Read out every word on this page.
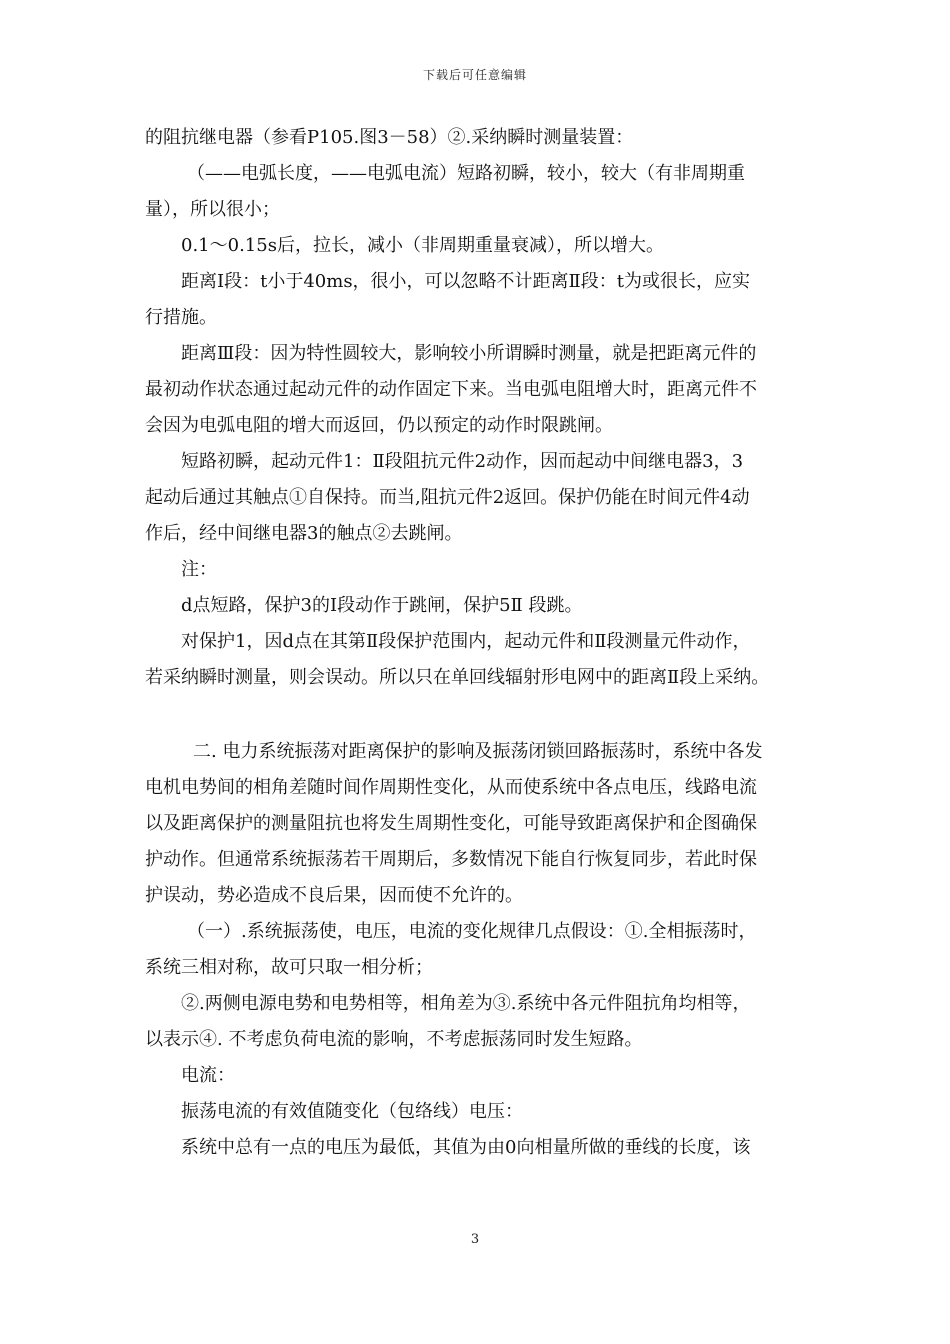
下载后可任意编辑
的阻抗继电器（参看P105.图3－58）②.采纳瞬时测量装置：
（——电弧长度，——电弧电流）短路初瞬，较小，较大（有非周期重
量），所以很小；
0.1～0.15s后，拉长，减小（非周期重量衰减），所以增大。
距离Ⅰ段：t小于40ms，很小，可以忽略不计距离Ⅱ段：t为或很长，应实
行措施。
距离Ⅲ段：因为特性圆较大，影响较小所谓瞬时测量，就是把距离元件的
最初动作状态通过起动元件的动作固定下来。当电弧电阻增大时，距离元件不
会因为电弧电阻的增大而返回，仍以预定的动作时限跳闸。
短路初瞬，起动元件1：Ⅱ段阻抗元件2动作，因而起动中间继电器3，3
起动后通过其触点①自保持。而当,阻抗元件2返回。保护仍能在时间元件4动
作后，经中间继电器3的触点②去跳闸。
注：
d点短路，保护3的Ⅰ段动作于跳闸，保护5Ⅱ 段跳。
对保护1，因d点在其第Ⅱ段保护范围内，起动元件和Ⅱ段测量元件动作，
若采纳瞬时测量，则会误动。所以只在单回线辐射形电网中的距离Ⅱ段上采纳。
二. 电力系统振荡对距离保护的影响及振荡闭锁回路振荡时，系统中各发
电机电势间的相角差随时间作周期性变化，从而使系统中各点电压，线路电流
以及距离保护的测量阻抗也将发生周期性变化，可能导致距离保护和企图确保
护动作。但通常系统振荡若干周期后，多数情况下能自行恢复同步，若此时保
护误动，势必造成不良后果，因而使不允许的。
（一）.系统振荡使，电压，电流的变化规律几点假设：①.全相振荡时，
系统三相对称，故可只取一相分析；
②.两侧电源电势和电势相等，相角差为③.系统中各元件阻抗角均相等，
以表示④. 不考虑负荷电流的影响，不考虑振荡同时发生短路。
电流：
振荡电流的有效值随变化（包络线）电压：
系统中总有一点的电压为最低，其值为由0向相量所做的垂线的长度，该
3
